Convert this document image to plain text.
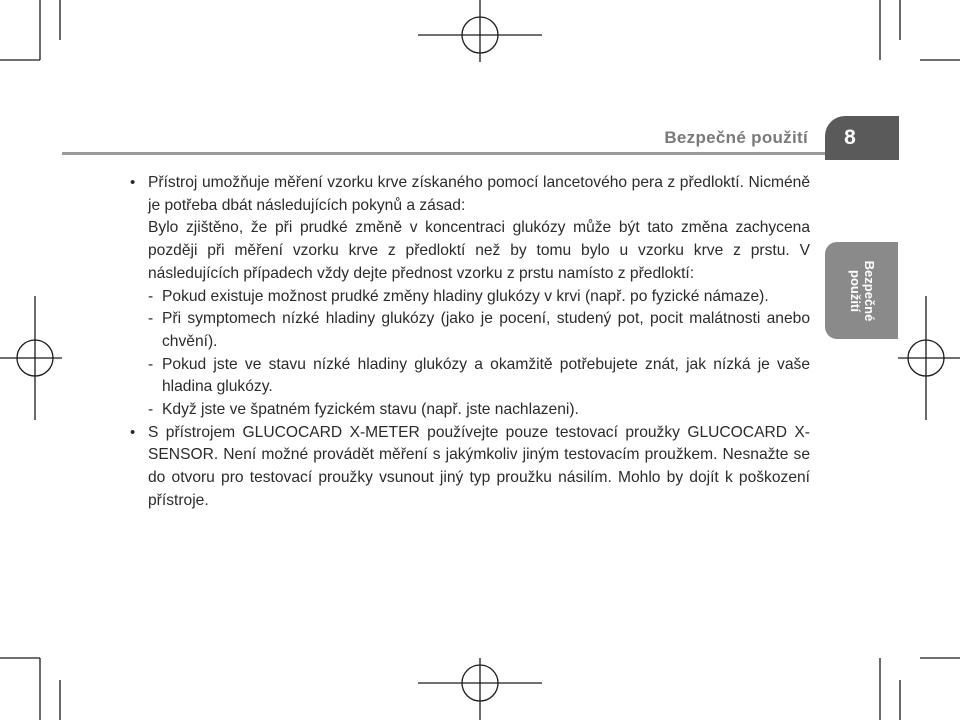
Bezpečné použití	8
Bezpečné
použití
• Přístroj umožňuje měření vzorku krve získaného pomocí lancetového pera z předloktí. Nicméně je potřeba dbát následujících pokynů a zásad:

Bylo zjištěno, že při prudké změně v koncentraci glukózy může být tato změna zachycena později při měření vzorku krve z předloktí než by tomu bylo u vzorku krve z prstu. V následujících případech vždy dejte přednost vzorku z prstu namísto z předloktí:

- Pokud existuje možnost prudké změny hladiny glukózy v krvi (např. po fyzické námaze).
- Při symptomech nízké hladiny glukózy (jako je pocení, studený pot, pocit malátnosti anebo chvění).
- Pokud jste ve stavu nízké hladiny glukózy a okamžitě potřebujete znát, jak nízká je vaše hladina glukózy.
- Když jste ve špatném fyzickém stavu (např. jste nachlazeni).
• S přístrojem GLUCOCARD X-METER používejte pouze testovací proužky GLUCOCARD X-SENSOR. Není možné provádět měření s jakýmkoliv jiným testovacím proužkem. Nesnažte se do otvoru pro testovací proužky vsunout jiný typ proužku násilím. Mohlo by dojít k poškození přístroje.
